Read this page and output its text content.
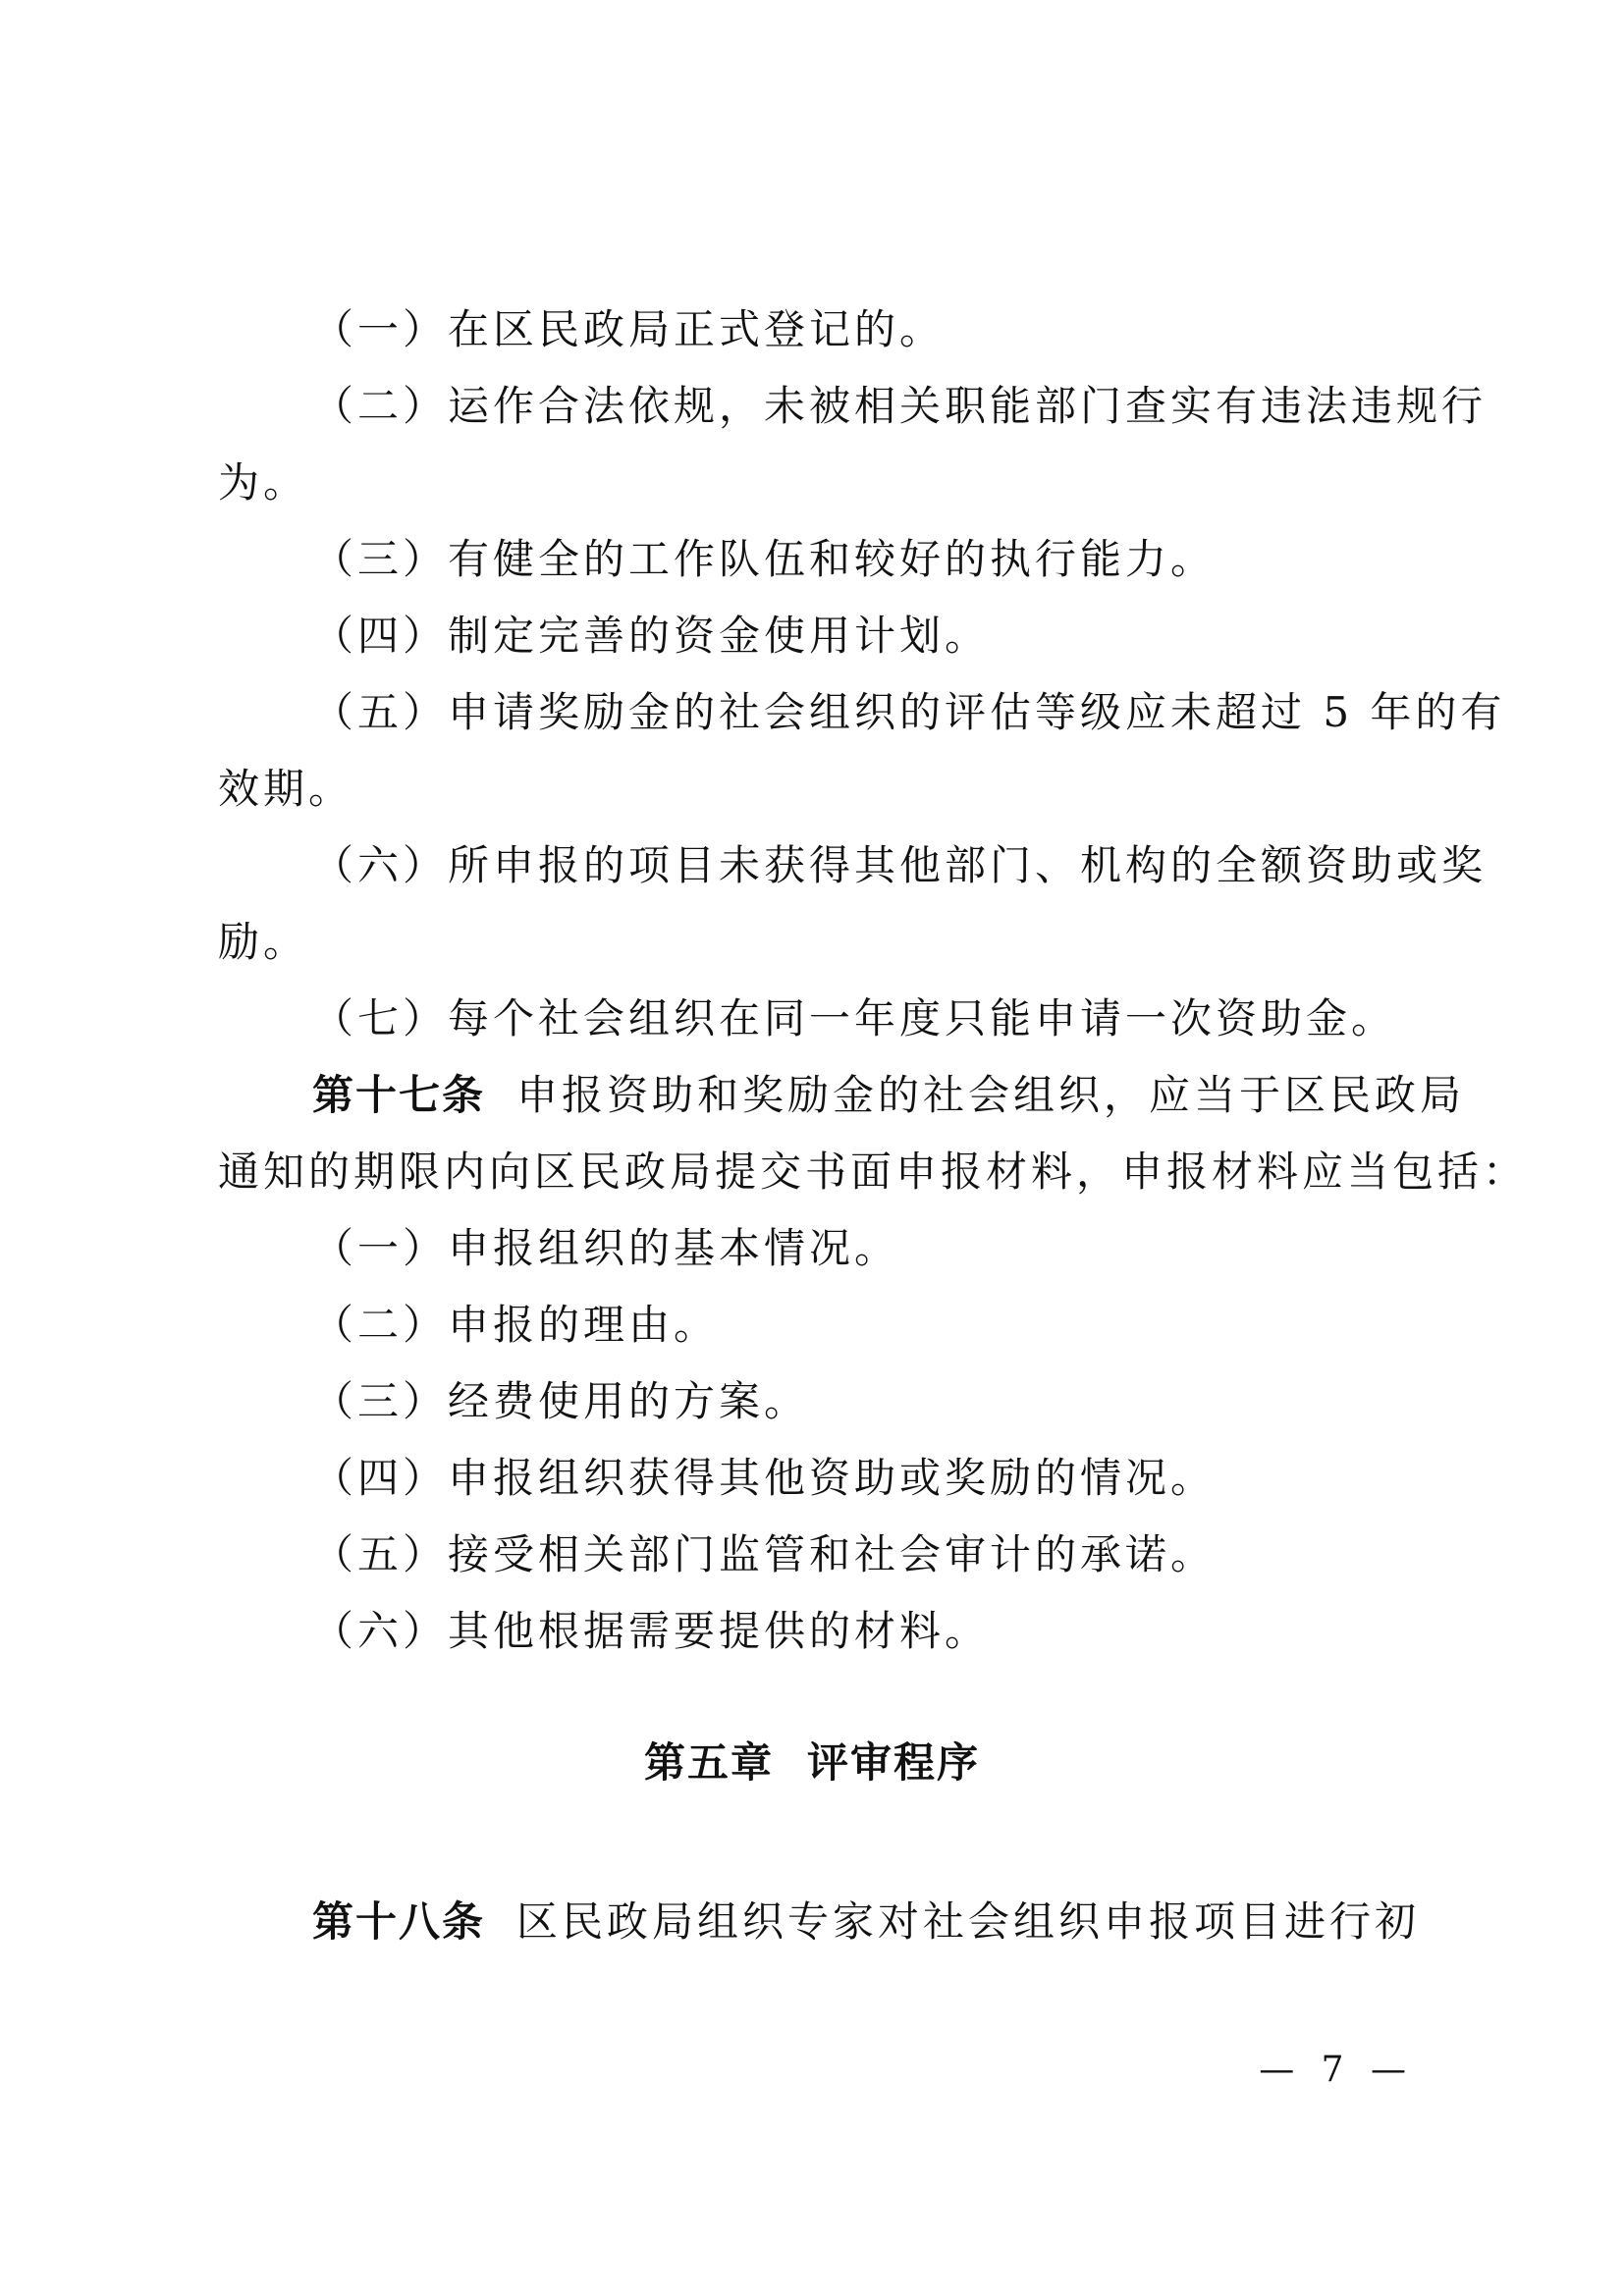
（一）在区民政局正式登记的。
（二）运作合法依规，未被相关职能部门查实有违法违规行
为。
（三）有健全的工作队伍和较好的执行能力。
（四）制定完善的资金使用计划。
（五）申请奖励金的社会组织的评估等级应未超过 5 年的有
效期。
（六）所申报的项目未获得其他部门、机构的全额资助或奖
励。
（七）每个社会组织在同一年度只能申请一次资助金。
第十七条 申报资助和奖励金的社会组织，应当于区民政局
通知的期限内向区民政局提交书面申报材料，申报材料应当包括：
（一）申报组织的基本情况。
（二）申报的理由。
（三）经费使用的方案。
（四）申报组织获得其他资助或奖励的情况。
（五）接受相关部门监管和社会审计的承诺。
（六）其他根据需要提供的材料。
第五章 评审程序
第十八条 区民政局组织专家对社会组织申报项目进行初
— 7 —
